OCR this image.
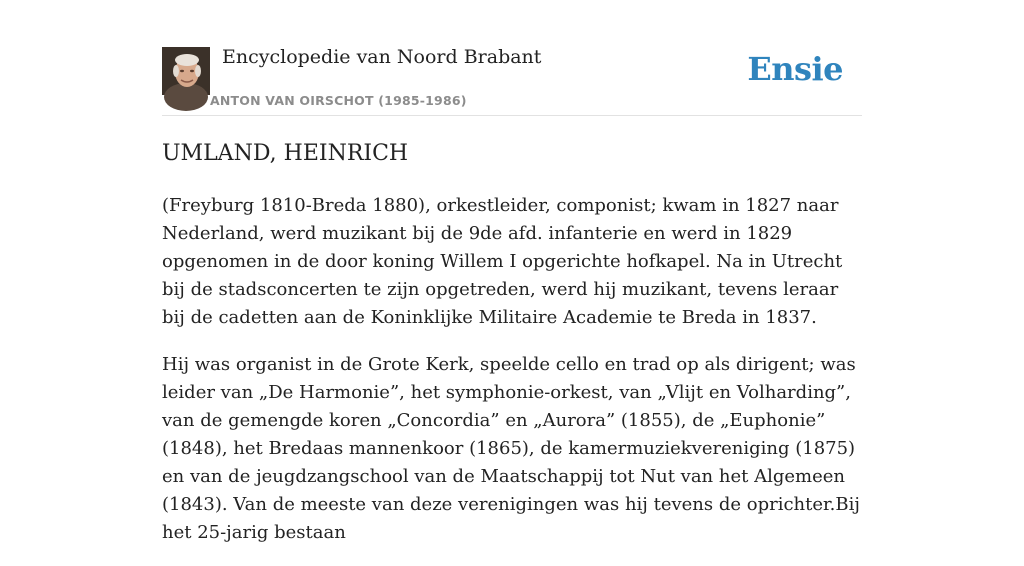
Encyclopedie van Noord Brabant
ANTON VAN OIRSCHOT (1985-1986)
Ensie
UMLAND, HEINRICH

(Freyburg 1810-Breda 1880), orkestleider, componist; kwam in 1827 naar Nederland, werd muzikant bij de 9de afd. infanterie en werd in 1829 opgenomen in de door koning Willem I opgerichte hofkapel. Na in Utrecht bij de stadsconcerten te zijn opgetreden, werd hij muzikant, tevens leraar bij de cadetten aan de Koninklijke Militaire Academie te Breda in 1837.

Hij was organist in de Grote Kerk, speelde cello en trad op als dirigent; was leider van „De Harmonie”, het symphonie-orkest, van „Vlijt en Volharding”, van de gemengde koren „Concordia” en „Aurora” (1855), de „Euphonie” (1848), het Bredaas mannenkoor (1865), de kamermuziekvereniging (1875) en van de jeugdzangschool van de Maatschappij tot Nut van het Algemeen (1843). Van de meeste van deze verenigingen was hij tevens de oprichter.Bij het 25-jarig bestaan
